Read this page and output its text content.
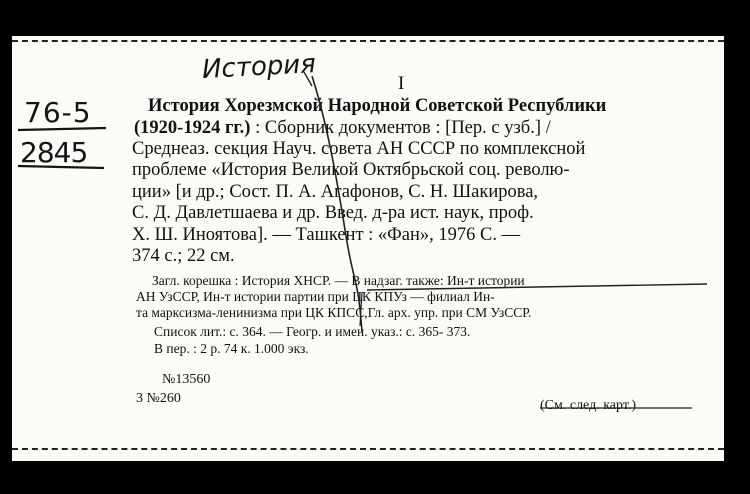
История
76-5
2845
I
История Хорезмской Народной Советской Республики
(1920-1924 гг.) : Сборник документов : [Пер. с узб.] /
Среднеаз. секция Науч. совета АН СССР по комплексной
проблеме «История Великой Октябрьской соц. револю-
ции» [и др.; Сост. П. А. Агафонов, С. Н. Шакирова,
С. Д. Давлетшаева и др. Введ. д-ра ист. наук, проф.
Х. Ш. Иноятова]. — Ташкент : «Фан», 1976 С. —
374 с.; 22 см.
Загл. корешка : История ХНСР. — В надзаг. также: Ин-т истории
АН УзССР, Ин-т истории партии при ЦК КПУз — филиал Ин-
та марксизма-ленинизма при ЦК КПСС,Гл. арх. упр. при СМ УзССР.
Список лит.: с. 364. — Геогр. и имен. указ.: с. 365- 373.
В пер. : 2 р. 74 к. 1.000 экз.
№13560
3 №260	(См. след. карт.)
